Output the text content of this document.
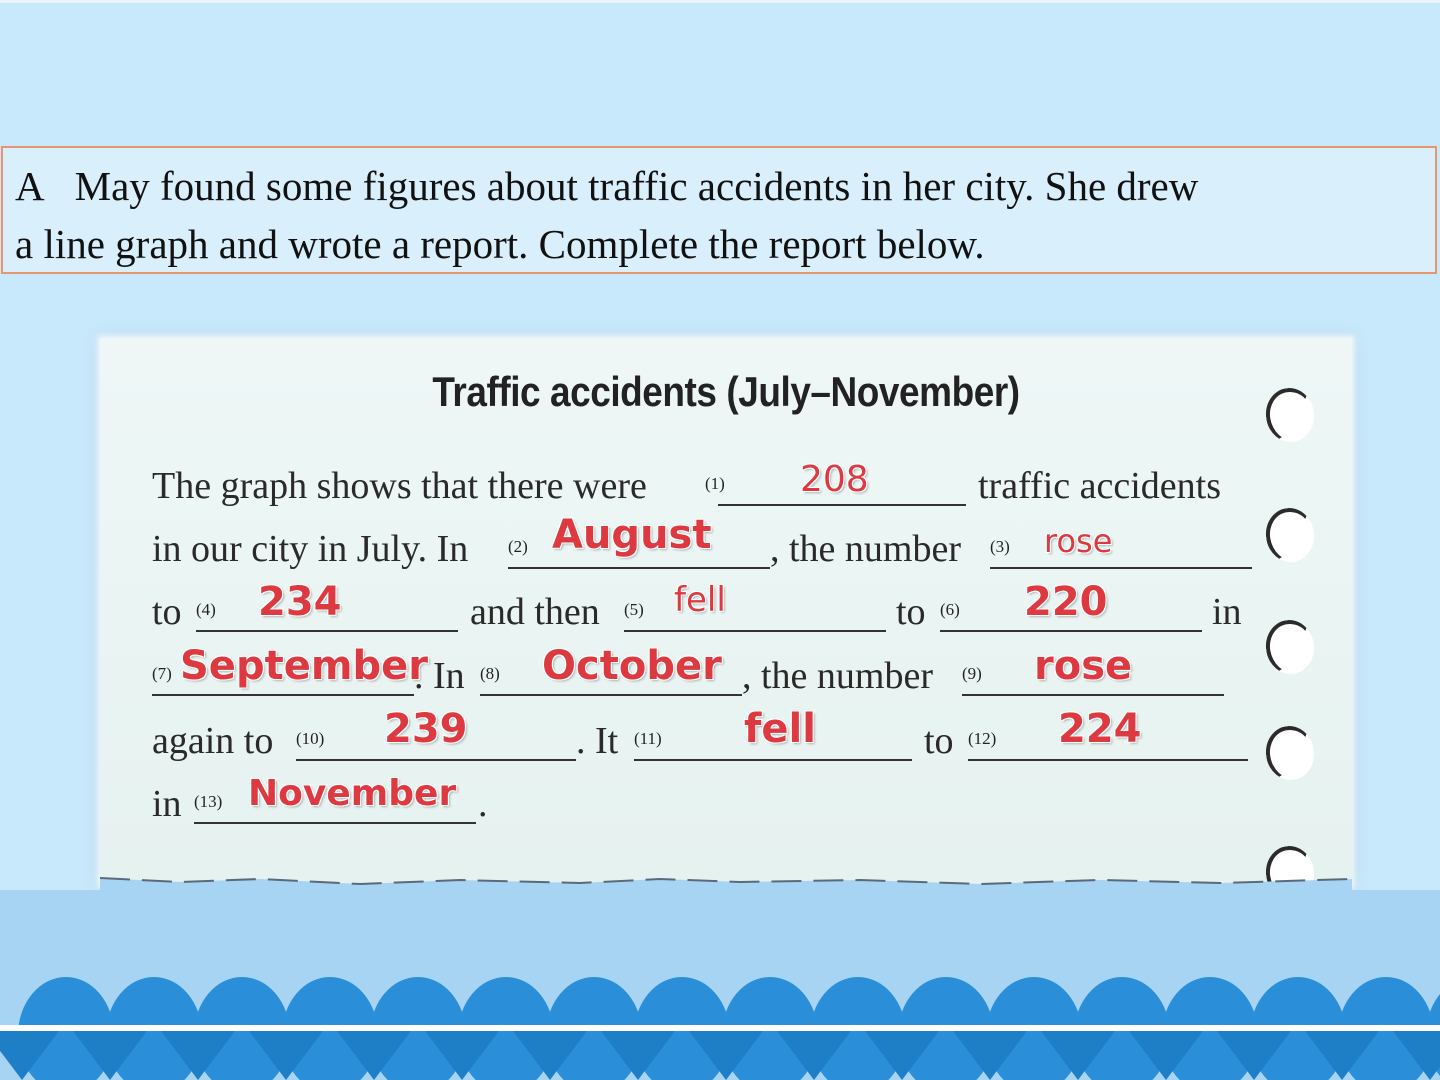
A May found some figures about traffic accidents in her city. She drew
a line graph and wrote a report. Complete the report below.
Traffic accidents (July–November)
The graph shows that there were	(1) 208	traffic accidents
in our city in July. In (2) August , the number (3) rose
to (4) 234	and then (5) fell	to (6) 220	in
(7) September
. In (8) October , the number (9) rose
again to (10) 239	. It (11) fell	to (12) 224
in (13) November .
